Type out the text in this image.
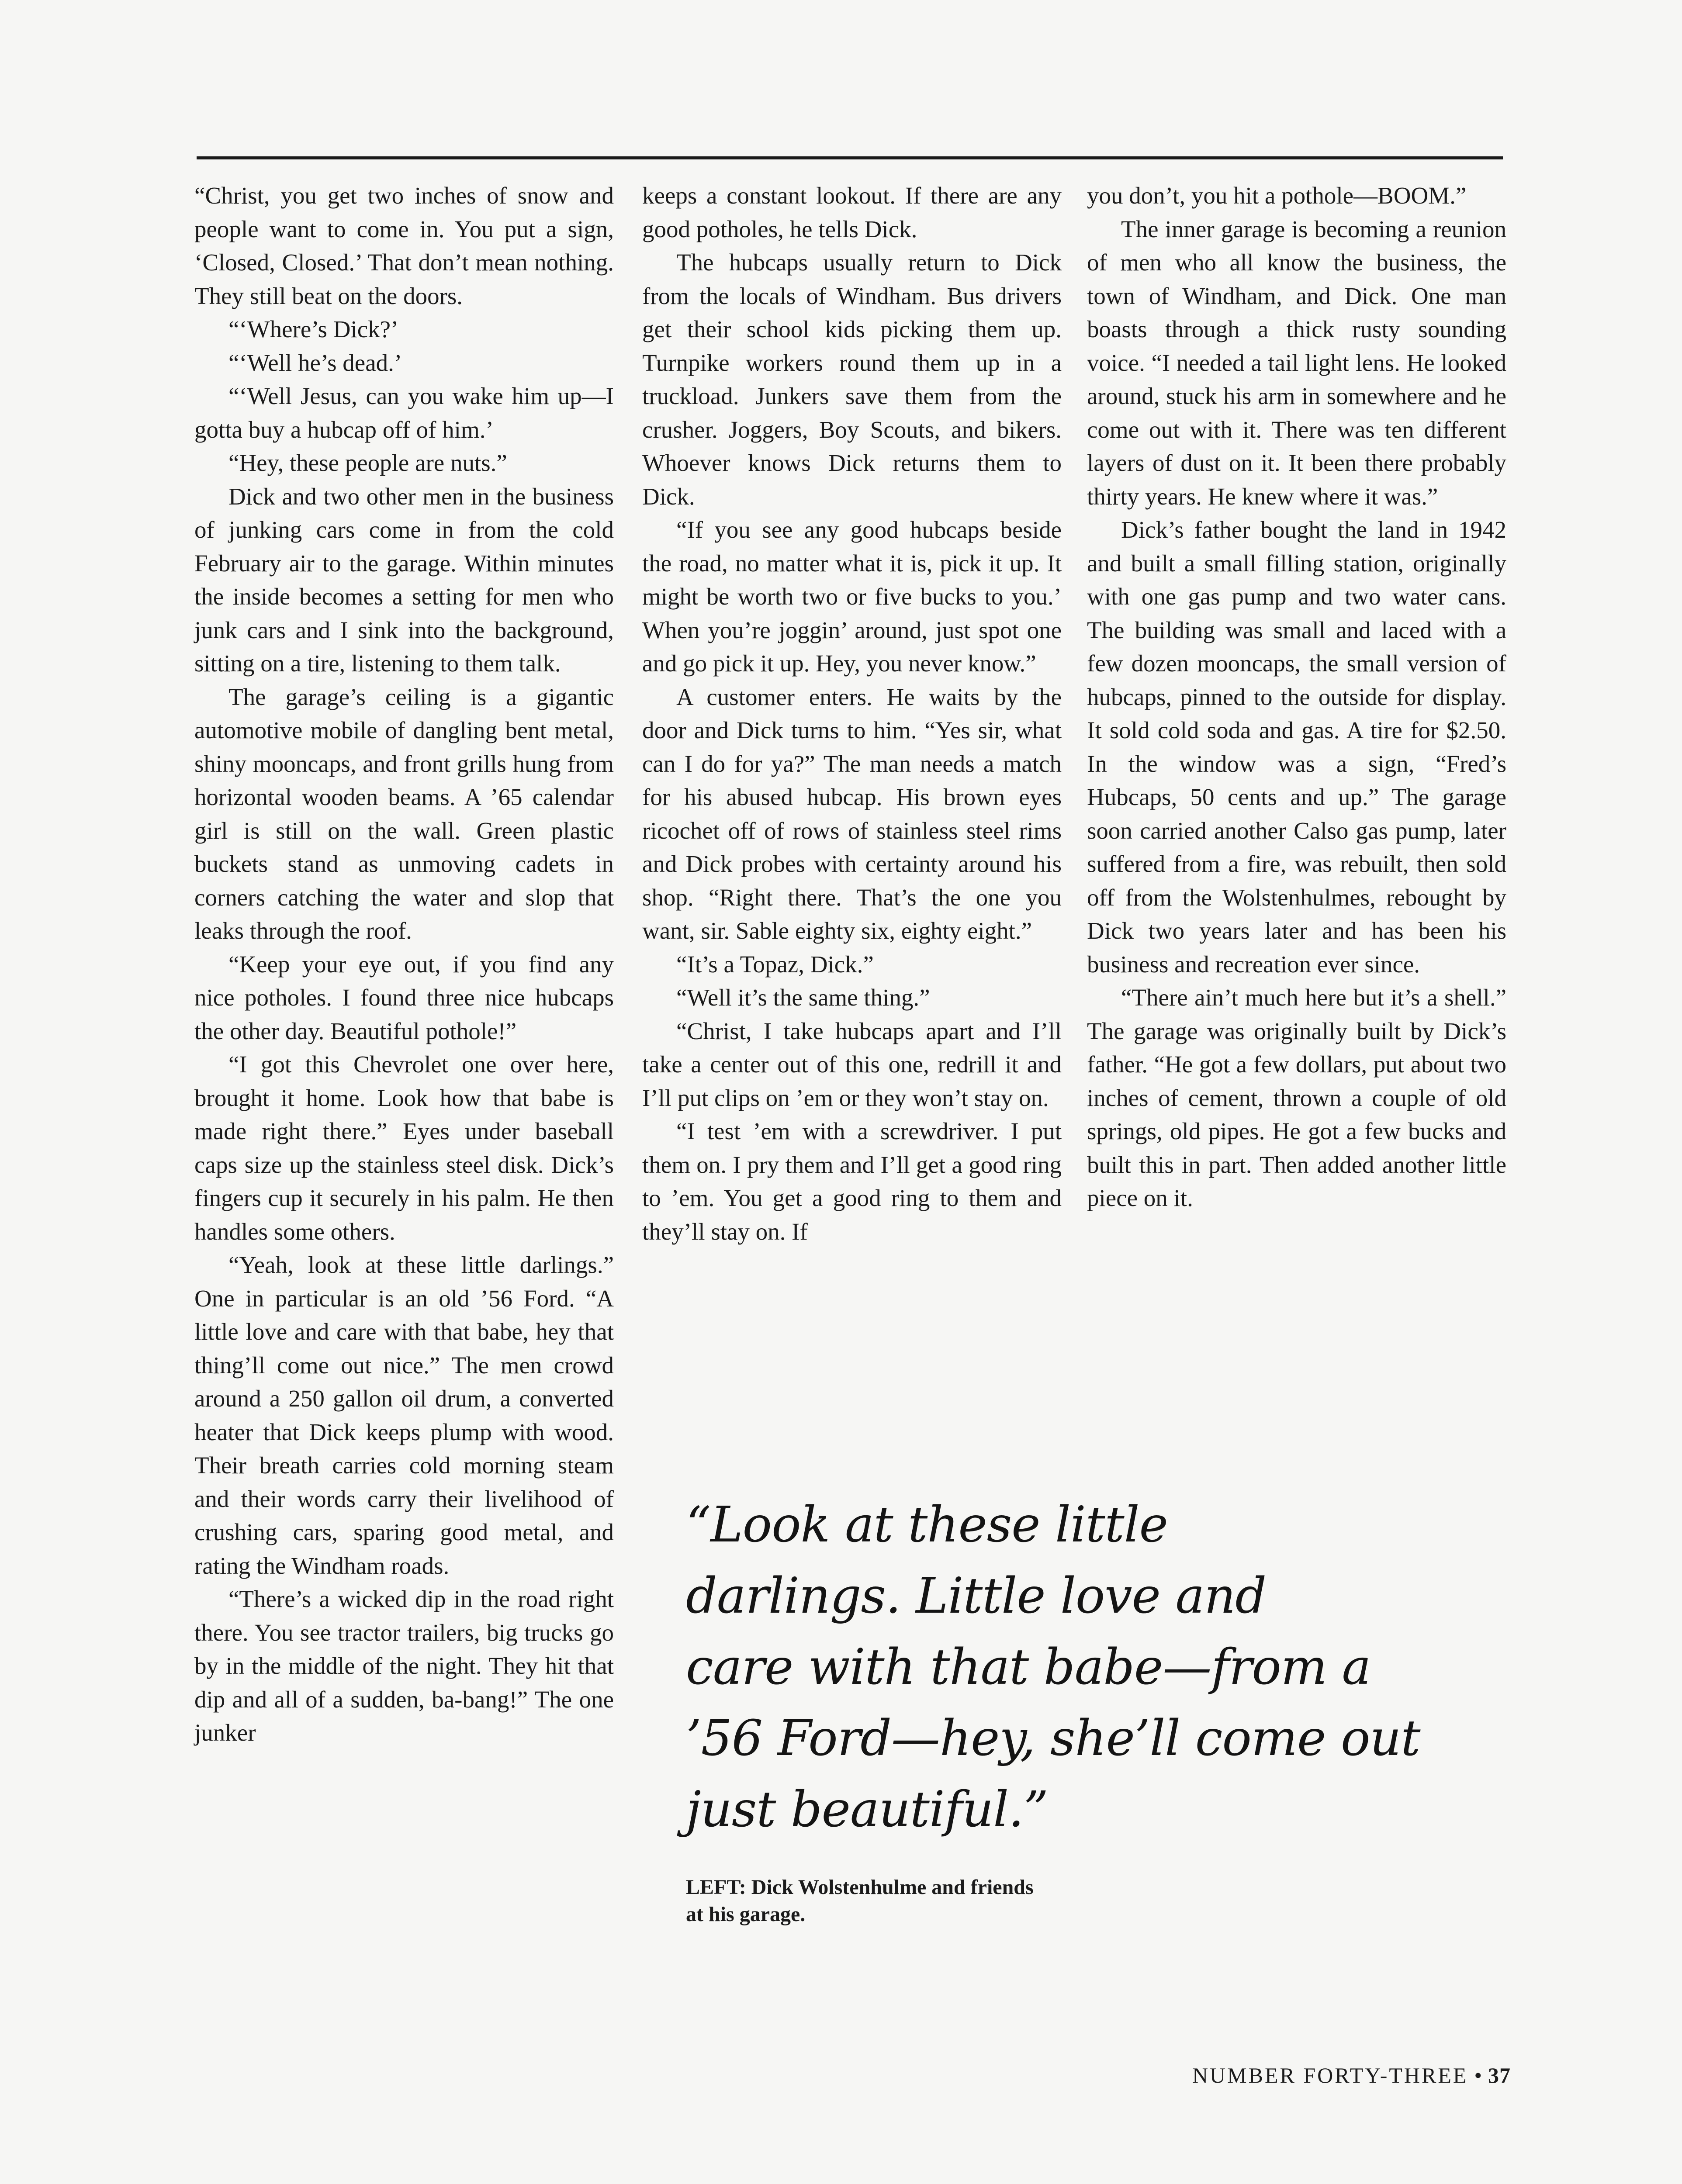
“Christ, you get two inches of snow and people want to come in. You put a sign, ‘Closed, Closed.’ That don’t mean nothing. They still beat on the doors.

“‘Where’s Dick?’

“‘Well he’s dead.’

“‘Well Jesus, can you wake him up—I gotta buy a hubcap off of him.’

“Hey, these people are nuts.”

Dick and two other men in the business of junking cars come in from the cold February air to the garage. Within minutes the inside becomes a setting for men who junk cars and I sink into the background, sitting on a tire, listening to them talk.

The garage’s ceiling is a gigantic automotive mobile of dangling bent metal, shiny mooncaps, and front grills hung from horizontal wooden beams. A ’65 calendar girl is still on the wall. Green plastic buckets stand as unmoving cadets in corners catching the water and slop that leaks through the roof.

“Keep your eye out, if you find any nice potholes. I found three nice hubcaps the other day. Beautiful pothole!”

“I got this Chevrolet one over here, brought it home. Look how that babe is made right there.” Eyes under baseball caps size up the stainless steel disk. Dick’s fingers cup it securely in his palm. He then handles some others.

“Yeah, look at these little darlings.” One in particular is an old ’56 Ford. “A little love and care with that babe, hey that thing’ll come out nice.” The men crowd around a 250 gallon oil drum, a converted heater that Dick keeps plump with wood. Their breath carries cold morning steam and their words carry their livelihood of crushing cars, sparing good metal, and rating the Windham roads.

“There’s a wicked dip in the road right there. You see tractor trailers, big trucks go by in the middle of the night. They hit that dip and all of a sudden, ba-bang!” The one junker

keeps a constant lookout. If there are any good potholes, he tells Dick.

The hubcaps usually return to Dick from the locals of Windham. Bus drivers get their school kids picking them up. Turnpike workers round them up in a truckload. Junkers save them from the crusher. Joggers, Boy Scouts, and bikers. Whoever knows Dick returns them to Dick.

“If you see any good hubcaps beside the road, no matter what it is, pick it up. It might be worth two or five bucks to you.’ When you’re joggin’ around, just spot one and go pick it up. Hey, you never know.”

A customer enters. He waits by the door and Dick turns to him. “Yes sir, what can I do for ya?” The man needs a match for his abused hubcap. His brown eyes ricochet off of rows of stainless steel rims and Dick probes with certainty around his shop. “Right there. That’s the one you want, sir. Sable eighty six, eighty eight.”

“It’s a Topaz, Dick.”

“Well it’s the same thing.”

“Christ, I take hubcaps apart and I’ll take a center out of this one, redrill it and I’ll put clips on ’em or they won’t stay on.

“I test ’em with a screwdriver. I put them on. I pry them and I’ll get a good ring to ’em. You get a good ring to them and they’ll stay on. If

you don’t, you hit a pothole—BOOM.”

The inner garage is becoming a reunion of men who all know the business, the town of Windham, and Dick. One man boasts through a thick rusty sounding voice. “I needed a tail light lens. He looked around, stuck his arm in somewhere and he come out with it. There was ten different layers of dust on it. It been there probably thirty years. He knew where it was.”

Dick’s father bought the land in 1942 and built a small filling station, originally with one gas pump and two water cans. The building was small and laced with a few dozen mooncaps, the small version of hubcaps, pinned to the outside for display. It sold cold soda and gas. A tire for $2.50. In the window was a sign, “Fred’s Hubcaps, 50 cents and up.” The garage soon carried another Calso gas pump, later suffered from a fire, was rebuilt, then sold off from the Wolstenhulmes, rebought by Dick two years later and has been his business and recreation ever since.

“There ain’t much here but it’s a shell.” The garage was originally built by Dick’s father. “He got a few dollars, put about two inches of cement, thrown a couple of old springs, old pipes. He got a few bucks and built this in part. Then added another little piece on it.

“Look at these little

darlings. Little love and

care with that babe—from a

’56 Ford—hey, she’ll come out

just beautiful.”

LEFT: Dick Wolstenhulme and friends
at his garage.
NUMBER FORTY-THREE • 37
